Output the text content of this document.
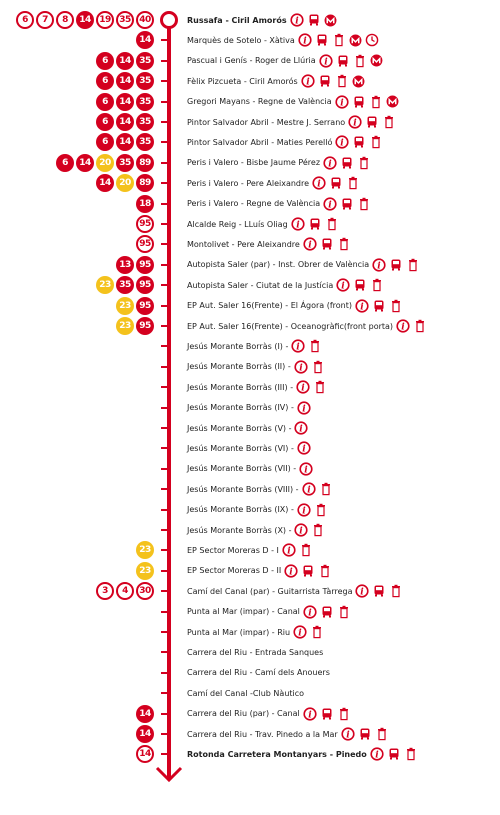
6	7	8	14 19 35 40	Russafa - Ciril Amorós i
14	Marquès de Sotelo - Xàtiva i
6	14 35	Pascual i Genís - Roger de Llúria i
6	14 35	Fèlix Pizcueta - Ciril Amorós i
6	14 35	Gregori Mayans - Regne de València i
6	14 35	Pintor Salvador Abril - Mestre J. Serrano i
6	14 35	Pintor Salvador Abril - Maties Perelló i
6	14 20 35 89	Peris i Valero - Bisbe Jaume Pérez i
14 20 89	Peris i Valero - Pere Aleixandre i
18	Peris i Valero - Regne de València i
95	Alcalde Reig - LLuís Oliag i
95	Montolivet - Pere Aleixandre i
13 95	Autopista Saler (par) - Inst. Obrer de València i
23 35 95	Autopista Saler - Ciutat de la Justícia i
23 95	EP Aut. Saler 16(Frente) - El Ágora (front) i
23 95	EP Aut. Saler 16(Frente) - Oceanogràfic(front porta) i
Jesús Morante Borràs (I) - i
Jesús Morante Borràs (II) - i
Jesús Morante Borràs (III) - i
Jesús Morante Borràs (IV) - i
Jesús Morante Borràs (V) - i
Jesús Morante Borràs (VI) - i
Jesús Morante Borràs (VII) - i
Jesús Morante Borràs (VIII) - i
Jesús Morante Borràs (IX) - i
Jesús Morante Borràs (X) - i
23	EP Sector Moreras D - I i
23	EP Sector Moreras D - II i
3	4	30	Camí del Canal (par) - Guitarrista Tàrrega i
Punta al Mar (impar) - Canal i
Punta al Mar (impar) - Riu i
Carrera del Riu - Entrada Sanques
Carrera del Riu - Camí dels Anouers
Camí del Canal -Club Nàutico
14	Carrera del Riu (par) - Canal i
14	Carrera del Riu - Trav. Pinedo a la Mar i
14	Rotonda Carretera Montanyars - Pinedo i
